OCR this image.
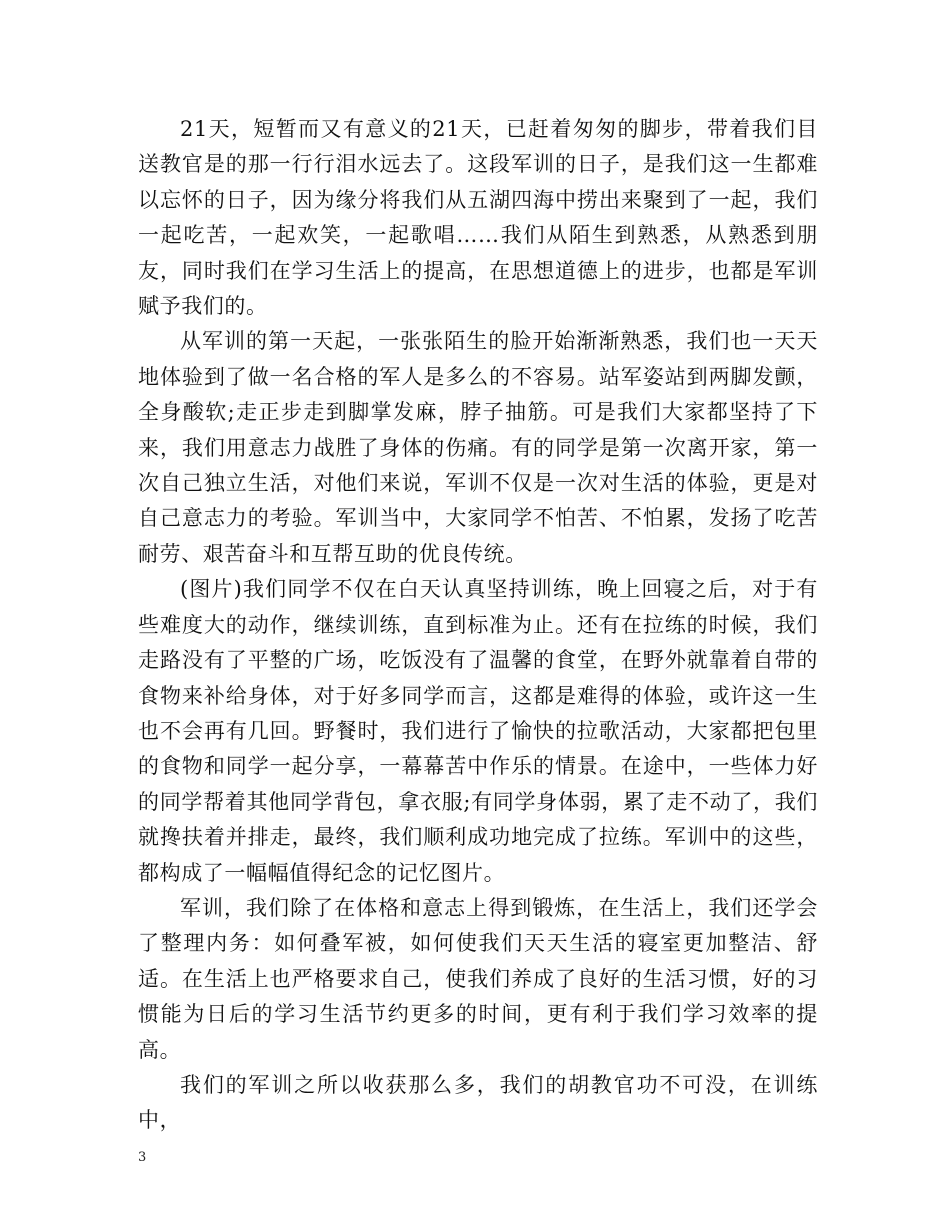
21天，短暂而又有意义的21天，已赶着匆匆的脚步，带着我们目送教官是的那一行行泪水远去了。这段军训的日子，是我们这一生都难以忘怀的日子，因为缘分将我们从五湖四海中捞出来聚到了一起，我们一起吃苦，一起欢笑，一起歌唱……我们从陌生到熟悉，从熟悉到朋友，同时我们在学习生活上的提高，在思想道德上的进步，也都是军训赋予我们的。

从军训的第一天起，一张张陌生的脸开始渐渐熟悉，我们也一天天地体验到了做一名合格的军人是多么的不容易。站军姿站到两脚发颤，全身酸软;走正步走到脚掌发麻，脖子抽筋。可是我们大家都坚持了下来，我们用意志力战胜了身体的伤痛。有的同学是第一次离开家，第一次自己独立生活，对他们来说，军训不仅是一次对生活的体验，更是对自己意志力的考验。军训当中，大家同学不怕苦、不怕累，发扬了吃苦耐劳、艰苦奋斗和互帮互助的优良传统。

(图片)我们同学不仅在白天认真坚持训练，晚上回寝之后，对于有些难度大的动作，继续训练，直到标准为止。还有在拉练的时候，我们走路没有了平整的广场，吃饭没有了温馨的食堂，在野外就靠着自带的食物来补给身体，对于好多同学而言，这都是难得的体验，或许这一生也不会再有几回。野餐时，我们进行了愉快的拉歌活动，大家都把包里的食物和同学一起分享，一幕幕苦中作乐的情景。在途中，一些体力好的同学帮着其他同学背包，拿衣服;有同学身体弱，累了走不动了，我们就搀扶着并排走，最终，我们顺利成功地完成了拉练。军训中的这些，都构成了一幅幅值得纪念的记忆图片。

军训，我们除了在体格和意志上得到锻炼，在生活上，我们还学会了整理内务：如何叠军被，如何使我们天天生活的寝室更加整洁、舒适。在生活上也严格要求自己，使我们养成了良好的生活习惯，好的习惯能为日后的学习生活节约更多的时间，更有利于我们学习效率的提高。

我们的军训之所以收获那么多，我们的胡教官功不可没，在训练中，

3
